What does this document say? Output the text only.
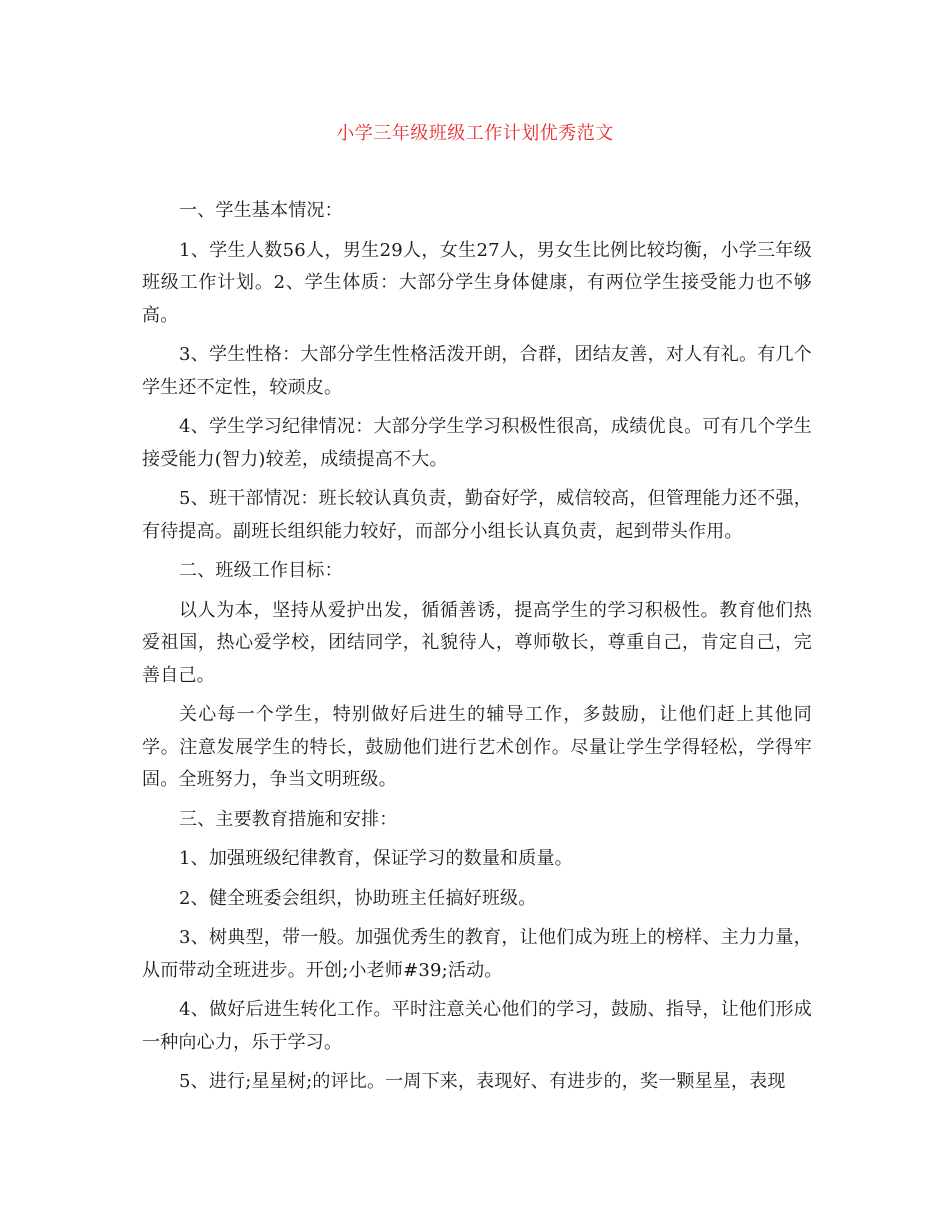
小学三年级班级工作计划优秀范文

一、学生基本情况：

1、学生人数56人，男生29人，女生27人，男女生比例比较均衡，小学三年级班级工作计划。2、学生体质：大部分学生身体健康，有两位学生接受能力也不够高。

3、学生性格：大部分学生性格活泼开朗，合群，团结友善，对人有礼。有几个学生还不定性，较顽皮。

4、学生学习纪律情况：大部分学生学习积极性很高，成绩优良。可有几个学生接受能力(智力)较差，成绩提高不大。

5、班干部情况：班长较认真负责，勤奋好学，威信较高，但管理能力还不强，有待提高。副班长组织能力较好，而部分小组长认真负责，起到带头作用。

二、班级工作目标：

以人为本，坚持从爱护出发，循循善诱，提高学生的学习积极性。教育他们热爱祖国，热心爱学校，团结同学，礼貌待人，尊师敬长，尊重自己，肯定自己，完善自己。

关心每一个学生，特别做好后进生的辅导工作，多鼓励，让他们赶上其他同学。注意发展学生的特长，鼓励他们进行艺术创作。尽量让学生学得轻松，学得牢固。全班努力，争当文明班级。

三、主要教育措施和安排：

1、加强班级纪律教育，保证学习的数量和质量。

2、健全班委会组织，协助班主任搞好班级。

3、树典型，带一般。加强优秀生的教育，让他们成为班上的榜样、主力力量，从而带动全班进步。开创;小老师#39;活动。

4、做好后进生转化工作。平时注意关心他们的学习，鼓励、指导，让他们形成一种向心力，乐于学习。

5、进行;星星树;的评比。一周下来，表现好、有进步的，奖一颗星星，表现
